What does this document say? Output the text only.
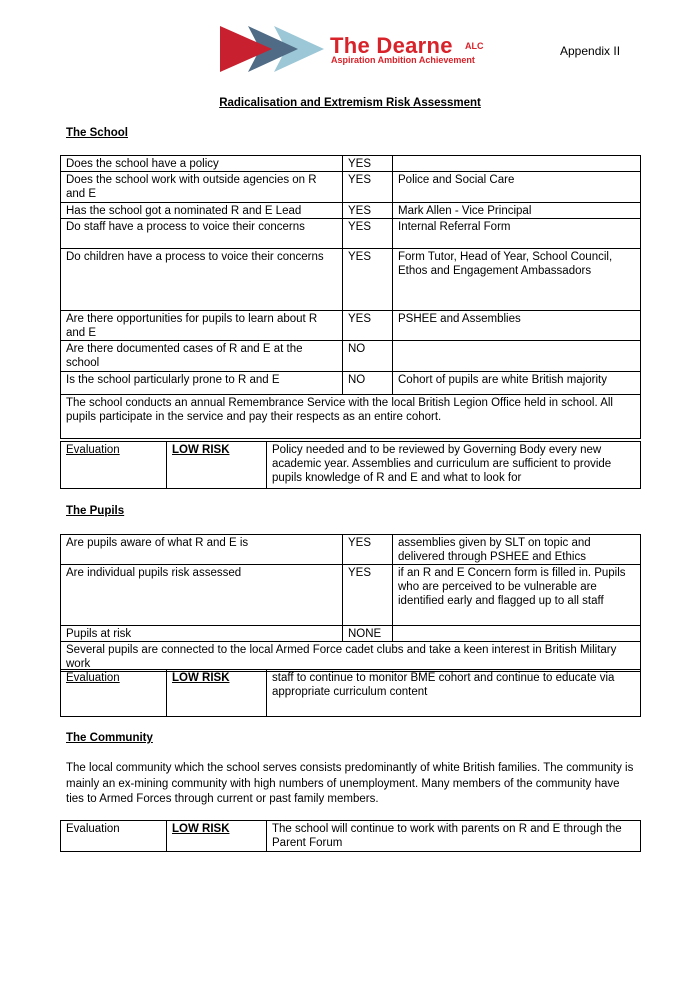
The Dearne ALC
Aspiration Ambition Achievement
Appendix II
Radicalisation and Extremism Risk Assessment
The School
Does the school have a policy	YES	
Does the school work with outside agencies on R and E	YES	Police and Social Care
Has the school got a nominated R and E Lead	YES	Mark Allen - Vice Principal
Do staff have a process to voice their concerns	YES	Internal Referral Form
Do children have a process to voice their concerns	YES	Form Tutor, Head of Year, School Council, Ethos and Engagement Ambassadors
Are there opportunities for pupils to learn about R and E	YES	PSHEE and Assemblies
Are there documented cases of R and E at the school	NO	
Is the school particularly prone to R and E	NO	Cohort of pupils are white British majority
The school conducts an annual Remembrance Service with the local British Legion Office held in school. All pupils participate in the service and pay their respects as an entire cohort.		
Evaluation	LOW RISK	Policy needed and to be reviewed by Governing Body every new academic year. Assemblies and curriculum are sufficient to provide pupils knowledge of R and E and what to look for
The Pupils
Are pupils aware of what R and E is	YES	assemblies given by SLT on topic and delivered through PSHEE and Ethics
Are individual pupils risk assessed	YES	if an R and E Concern form is filled in. Pupils who are perceived to be vulnerable are identified early and flagged up to all staff
Pupils at risk	NONE	
Several pupils are connected to the local Armed Force cadet clubs and take a keen interest in British Military work		
Evaluation	LOW RISK	staff to continue to monitor BME cohort and continue to educate via appropriate curriculum content
The Community
The local community which the school serves consists predominantly of white British families. The community is mainly an ex-mining community with high numbers of unemployment. Many members of the community have ties to Armed Forces through current or past family members.
Evaluation	LOW RISK	The school will continue to work with parents on R and E through the Parent Forum
